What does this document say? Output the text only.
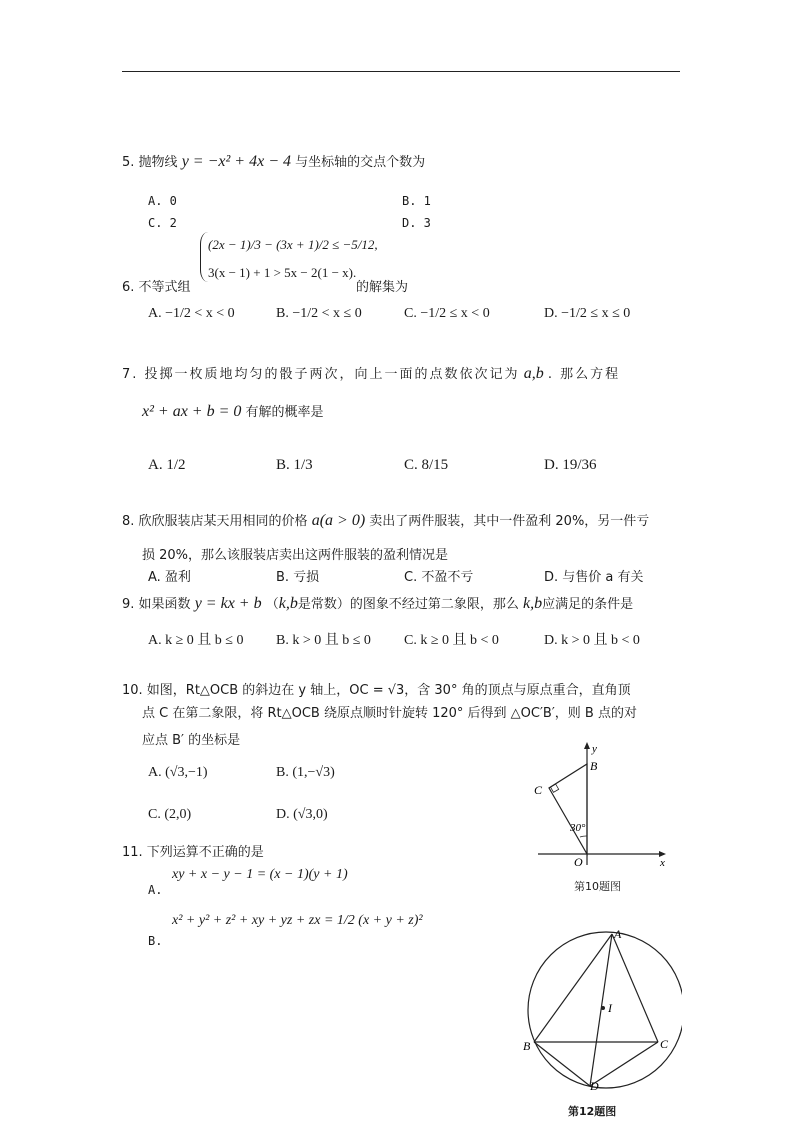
5. 抛物线 y = −x² + 4x − 4 与坐标轴的交点个数为
A. 0	B. 1
C. 2	D. 3
(2x − 1)/3 − (3x + 1)/2 ≤ −5/12,
3(x − 1) + 1 > 5x − 2(1 − x).
6. 不等式组	的解集为
A. −1/2 < x < 0	B. −1/2 < x ≤ 0	C. −1/2 ≤ x < 0	D. −1/2 ≤ x ≤ 0
7. 投掷一枚质地均匀的骰子两次，向上一面的点数依次记为 a,b . 那么方程
x² + ax + b = 0 有解的概率是
A. 1/2	B. 1/3	C. 8/15	D. 19/36
8. 欣欣服装店某天用相同的价格 a(a > 0) 卖出了两件服装，其中一件盈利 20%，另一件亏
损 20%，那么该服装店卖出这两件服装的盈利情况是
A. 盈利	B. 亏损	C. 不盈不亏	D. 与售价 a 有关
9. 如果函数 y = kx + b （k,b是常数）的图象不经过第二象限，那么 k,b应满足的条件是
A. k ≥ 0 且 b ≤ 0 B. k > 0 且 b ≤ 0 C. k ≥ 0 且 b < 0	D. k > 0 且 b < 0
10. 如图，Rt△OCB 的斜边在 y 轴上，OC = √3，含 30° 角的顶点与原点重合，直角顶
点 C 在第二象限，将 Rt△OCB 绕原点顺时针旋转 120° 后得到 △OC′B′，则 B 点的对
应点 B′ 的坐标是
A. (√3,−1)	B. (1,−√3)
C. (2,0)	D. (√3,0)
y
B
C
30°
O	x
第10题图
11. 下列运算不正确的是
xy + x − y − 1 = (x − 1)(y + 1)
A.
x² + y² + z² + xy + yz + zx = 1/2 (x + y + z)²
B.	A
I
B	C
D
第12题图
